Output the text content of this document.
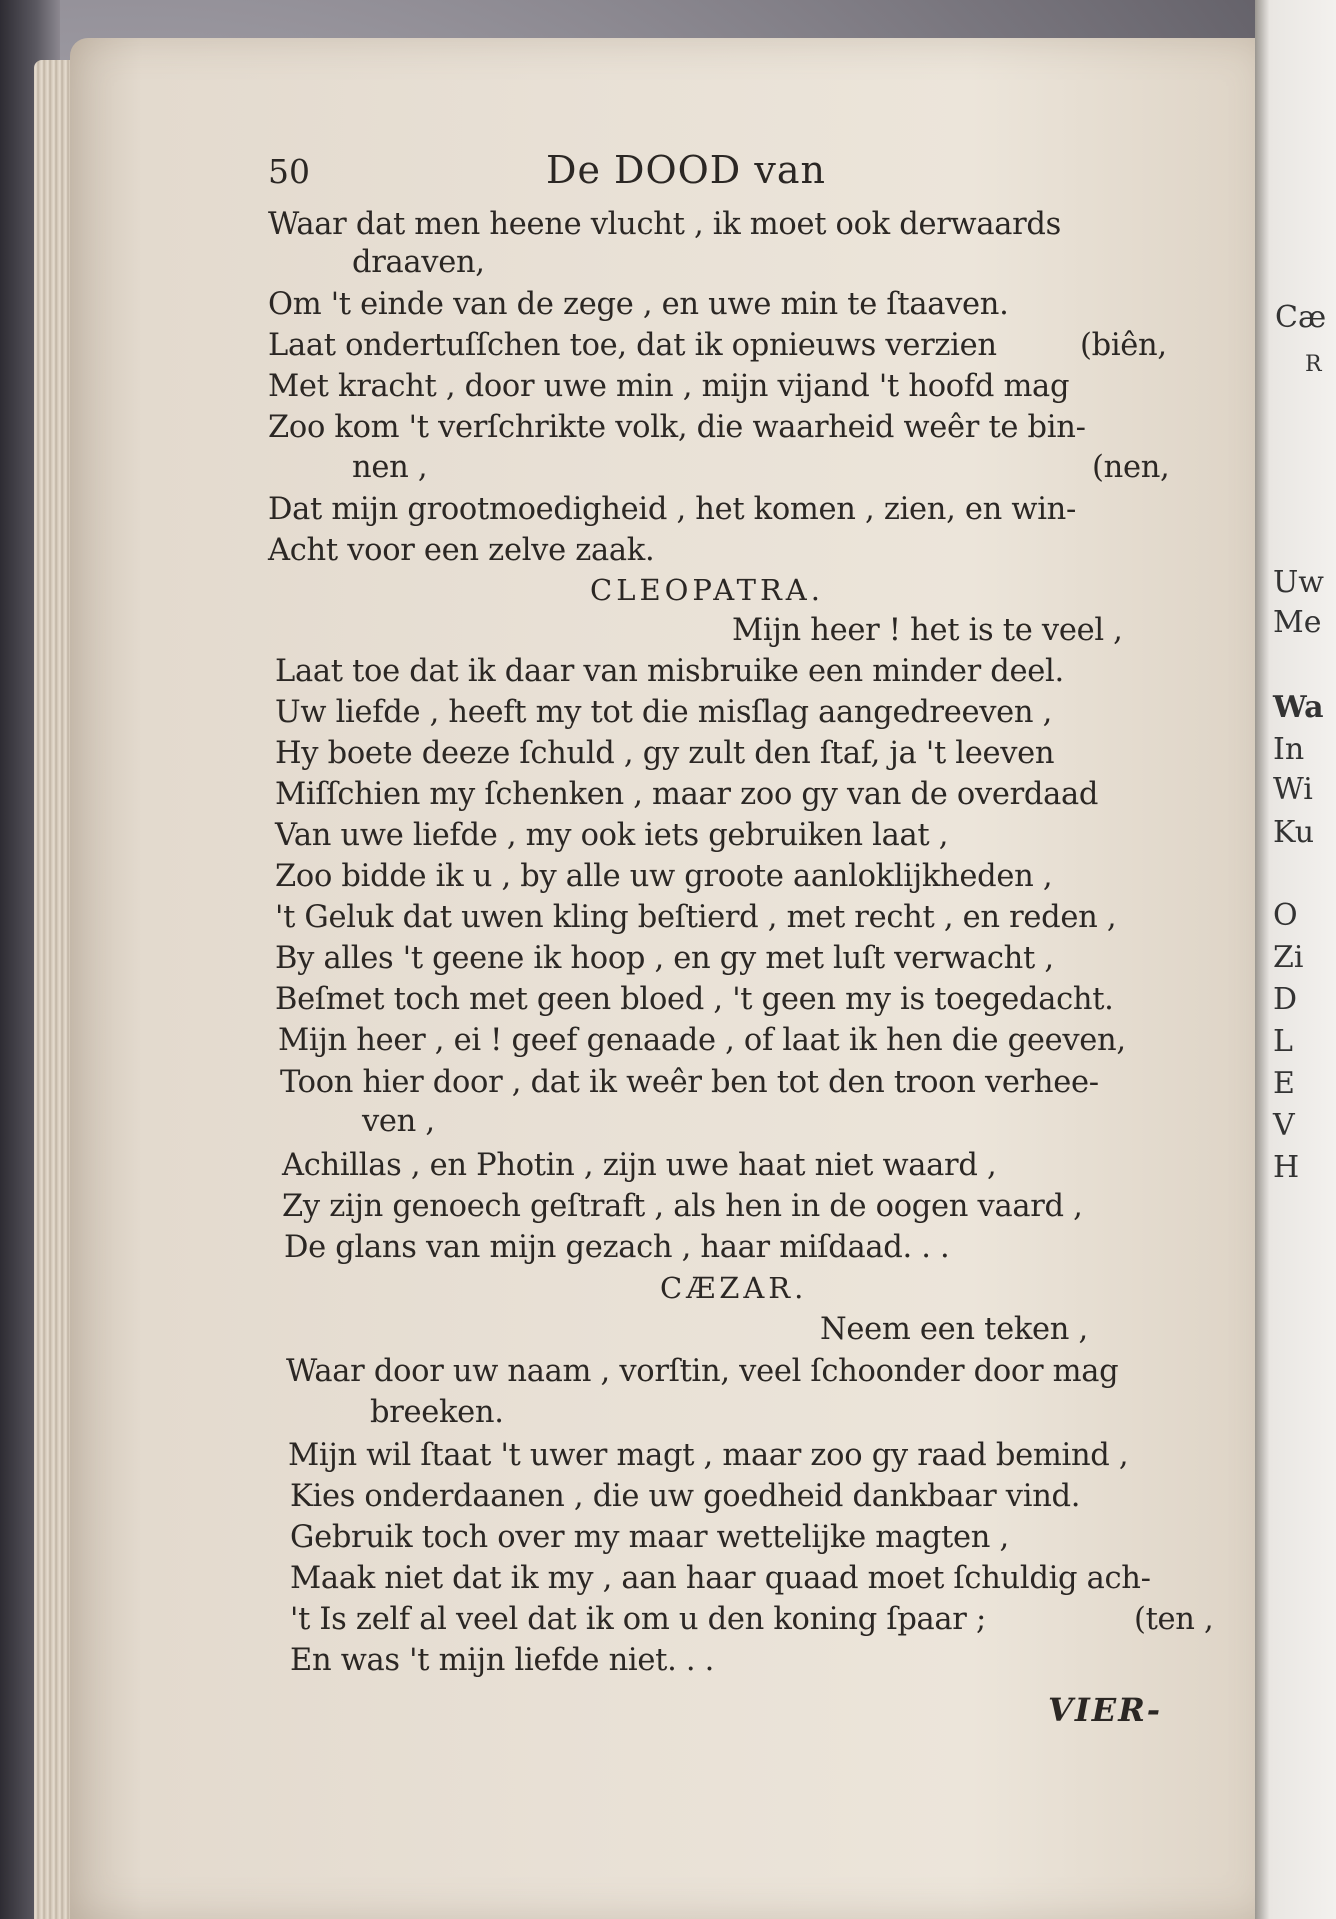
Cæ
R
Uw
Me
Wa
In
Wi
Ku
O
Zi
D
L
E
V
H
50	De DOOD van
Waar dat men heene vlucht , ik moet ook derwaards
draaven,
Om 't einde van de zege , en uwe min te ſtaaven.
Laat ondertuſſchen toe, dat ik opnieuws verzien	(biên,
Met kracht , door uwe min , mijn vijand 't hoofd mag
Zoo kom 't verſchrikte volk, die waarheid weêr te bin-
nen ,	(nen,
Dat mijn grootmoedigheid , het komen , zien, en win-
Acht voor een zelve zaak.
CLEOPATRA.
Mijn heer ! het is te veel ,
Laat toe dat ik daar van misbruike een minder deel.
Uw liefde , heeft my tot die misſlag aangedreeven ,
Hy boete deeze ſchuld , gy zult den ſtaf, ja 't leeven
Miſſchien my ſchenken , maar zoo gy van de overdaad
Van uwe liefde , my ook iets gebruiken laat ,
Zoo bidde ik u , by alle uw groote aanloklijkheden ,
't Geluk dat uwen kling beſtierd , met recht , en reden ,
By alles 't geene ik hoop , en gy met luſt verwacht ,
Beſmet toch met geen bloed , 't geen my is toegedacht.
Mijn heer , ei ! geef genaade , of laat ik hen die geeven,
Toon hier door , dat ik weêr ben tot den troon verhee-
ven ,
Achillas , en Photin , zijn uwe haat niet waard ,
Zy zijn genoech geſtraft , als hen in de oogen vaard ,
De glans van mijn gezach , haar miſdaad. . .
CÆZAR.
Neem een teken ,
Waar door uw naam , vorſtin, veel ſchoonder door mag
breeken.
Mijn wil ſtaat 't uwer magt , maar zoo gy raad bemind ,
Kies onderdaanen , die uw goedheid dankbaar vind.
Gebruik toch over my maar wettelijke magten ,
Maak niet dat ik my , aan haar quaad moet ſchuldig ach-
't Is zelf al veel dat ik om u den koning ſpaar ;	(ten ,
En was 't mijn liefde niet. . .
VIER-
